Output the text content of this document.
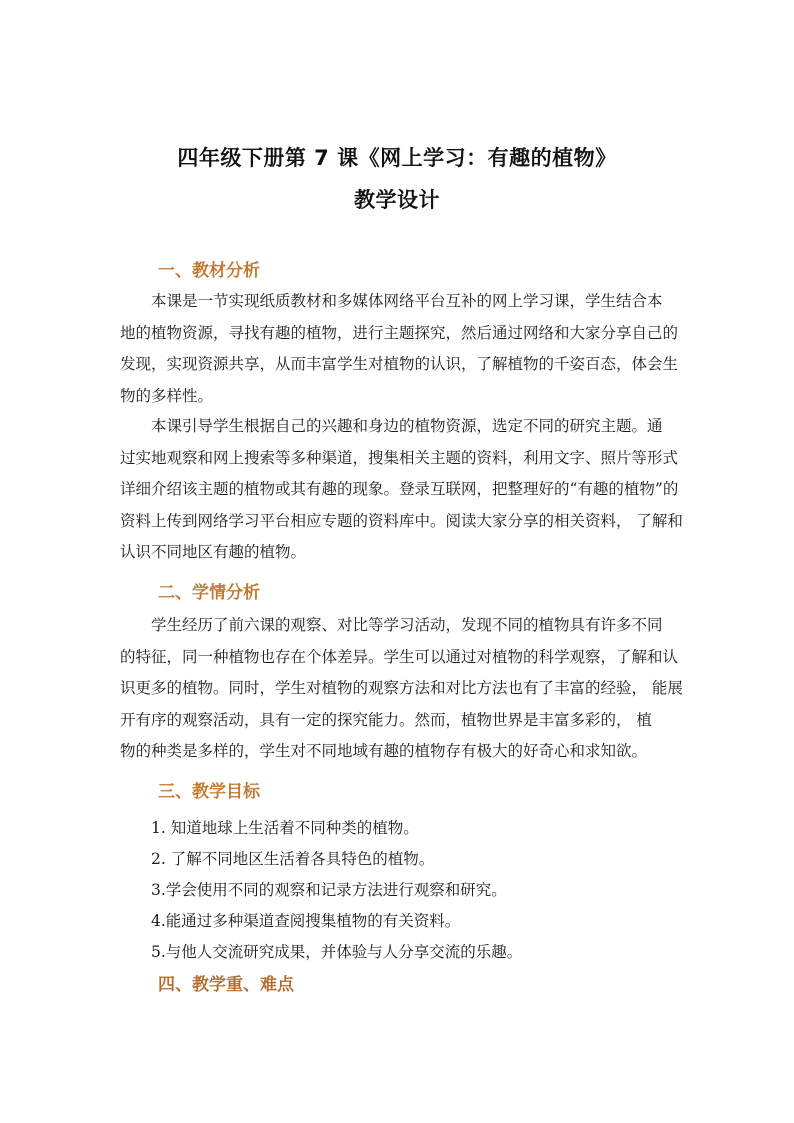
四年级下册第 7 课《网上学习：有趣的植物》
教学设计
一、教材分析
本课是一节实现纸质教材和多媒体网络平台互补的网上学习课，学生结合本
地的植物资源，寻找有趣的植物，进行主题探究，然后通过网络和大家分享自己的
发现，实现资源共享，从而丰富学生对植物的认识，了解植物的千姿百态，体会生
物的多样性。
本课引导学生根据自己的兴趣和身边的植物资源，选定不同的研究主题。通
过实地观察和网上搜索等多种渠道，搜集相关主题的资料，利用文字、照片等形式
详细介绍该主题的植物或其有趣的现象。登录互联网，把整理好的“有趣的植物”的
资料上传到网络学习平台相应专题的资料库中。阅读大家分享的相关资料， 了解和
认识不同地区有趣的植物。
二、学情分析
学生经历了前六课的观察、对比等学习活动，发现不同的植物具有许多不同
的特征，同一种植物也存在个体差异。学生可以通过对植物的科学观察，了解和认
识更多的植物。同时，学生对植物的观察方法和对比方法也有了丰富的经验， 能展
开有序的观察活动，具有一定的探究能力。然而，植物世界是丰富多彩的， 植
物的种类是多样的，学生对不同地域有趣的植物存有极大的好奇心和求知欲。
三、教学目标
1. 知道地球上生活着不同种类的植物。
2. 了解不同地区生活着各具特色的植物。
3.学会使用不同的观察和记录方法进行观察和研究。
4.能通过多种渠道查阅搜集植物的有关资料。
5.与他人交流研究成果，并体验与人分享交流的乐趣。
四、教学重、难点
